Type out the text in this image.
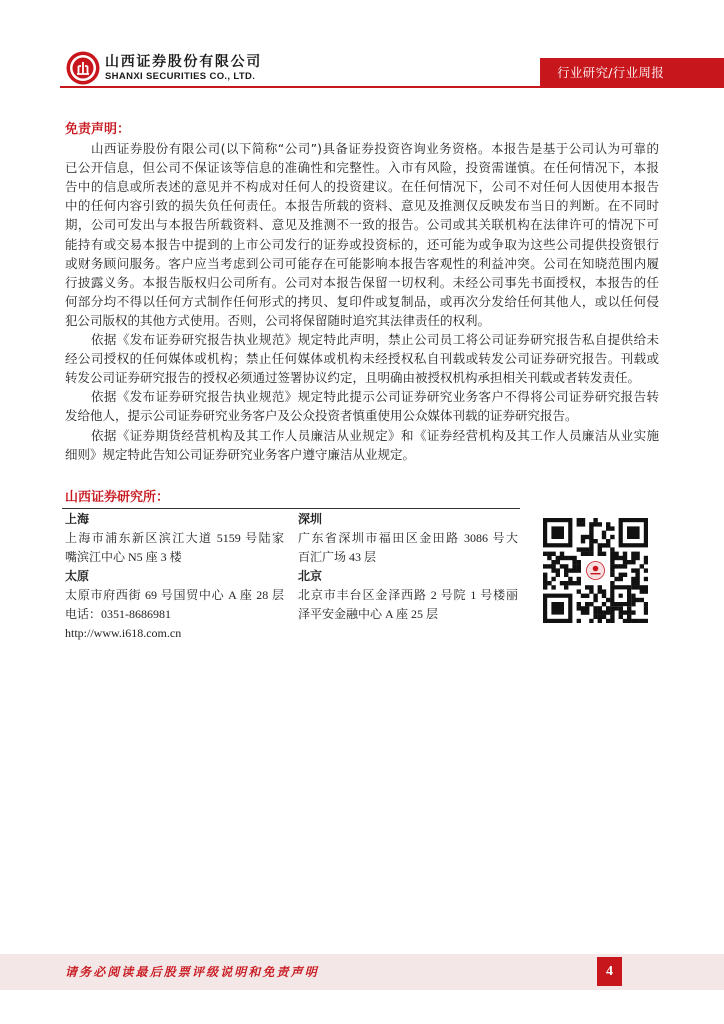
山西证券股份有限公司
SHANXI SECURITIES CO., LTD.	行业研究/行业周报
免责声明：
山西证券股份有限公司(以下简称“公司”)具备证券投资咨询业务资格。本报告是基于公司认为可靠的
已公开信息，但公司不保证该等信息的准确性和完整性。入市有风险，投资需谨慎。在任何情况下，本报
告中的信息或所表述的意见并不构成对任何人的投资建议。在任何情况下，公司不对任何人因使用本报告
中的任何内容引致的损失负任何责任。本报告所载的资料、意见及推测仅反映发布当日的判断。在不同时
期，公司可发出与本报告所载资料、意见及推测不一致的报告。公司或其关联机构在法律许可的情况下可
能持有或交易本报告中提到的上市公司发行的证券或投资标的，还可能为或争取为这些公司提供投资银行
或财务顾问服务。客户应当考虑到公司可能存在可能影响本报告客观性的利益冲突。公司在知晓范围内履
行披露义务。本报告版权归公司所有。公司对本报告保留一切权利。未经公司事先书面授权，本报告的任
何部分均不得以任何方式制作任何形式的拷贝、复印件或复制品，或再次分发给任何其他人，或以任何侵
犯公司版权的其他方式使用。否则，公司将保留随时追究其法律责任的权利。
依据《发布证券研究报告执业规范》规定特此声明，禁止公司员工将公司证券研究报告私自提供给未
经公司授权的任何媒体或机构；禁止任何媒体或机构未经授权私自刊载或转发公司证券研究报告。刊载或
转发公司证券研究报告的授权必须通过签署协议约定，且明确由被授权机构承担相关刊载或者转发责任。
依据《发布证券研究报告执业规范》规定特此提示公司证券研究业务客户不得将公司证券研究报告转
发给他人，提示公司证券研究业务客户及公众投资者慎重使用公众媒体刊载的证券研究报告。
依据《证券期货经营机构及其工作人员廉洁从业规定》和《证券经营机构及其工作人员廉洁从业实施
细则》规定特此告知公司证券研究业务客户遵守廉洁从业规定。
山西证券研究所：
上海
上海市浦东新区滨江大道 5159 号陆家
嘴滨江中心 N5 座 3 楼
太原
太原市府西街 69 号国贸中心 A 座 28 层
电话：0351-8686981
http://www.i618.com.cn
深圳
广东省深圳市福田区金田路 3086 号大
百汇广场 43 层
北京
北京市丰台区金泽西路 2 号院 1 号楼丽
泽平安金融中心 A 座 25 层
请务必阅读最后股票评级说明和免责声明	4
